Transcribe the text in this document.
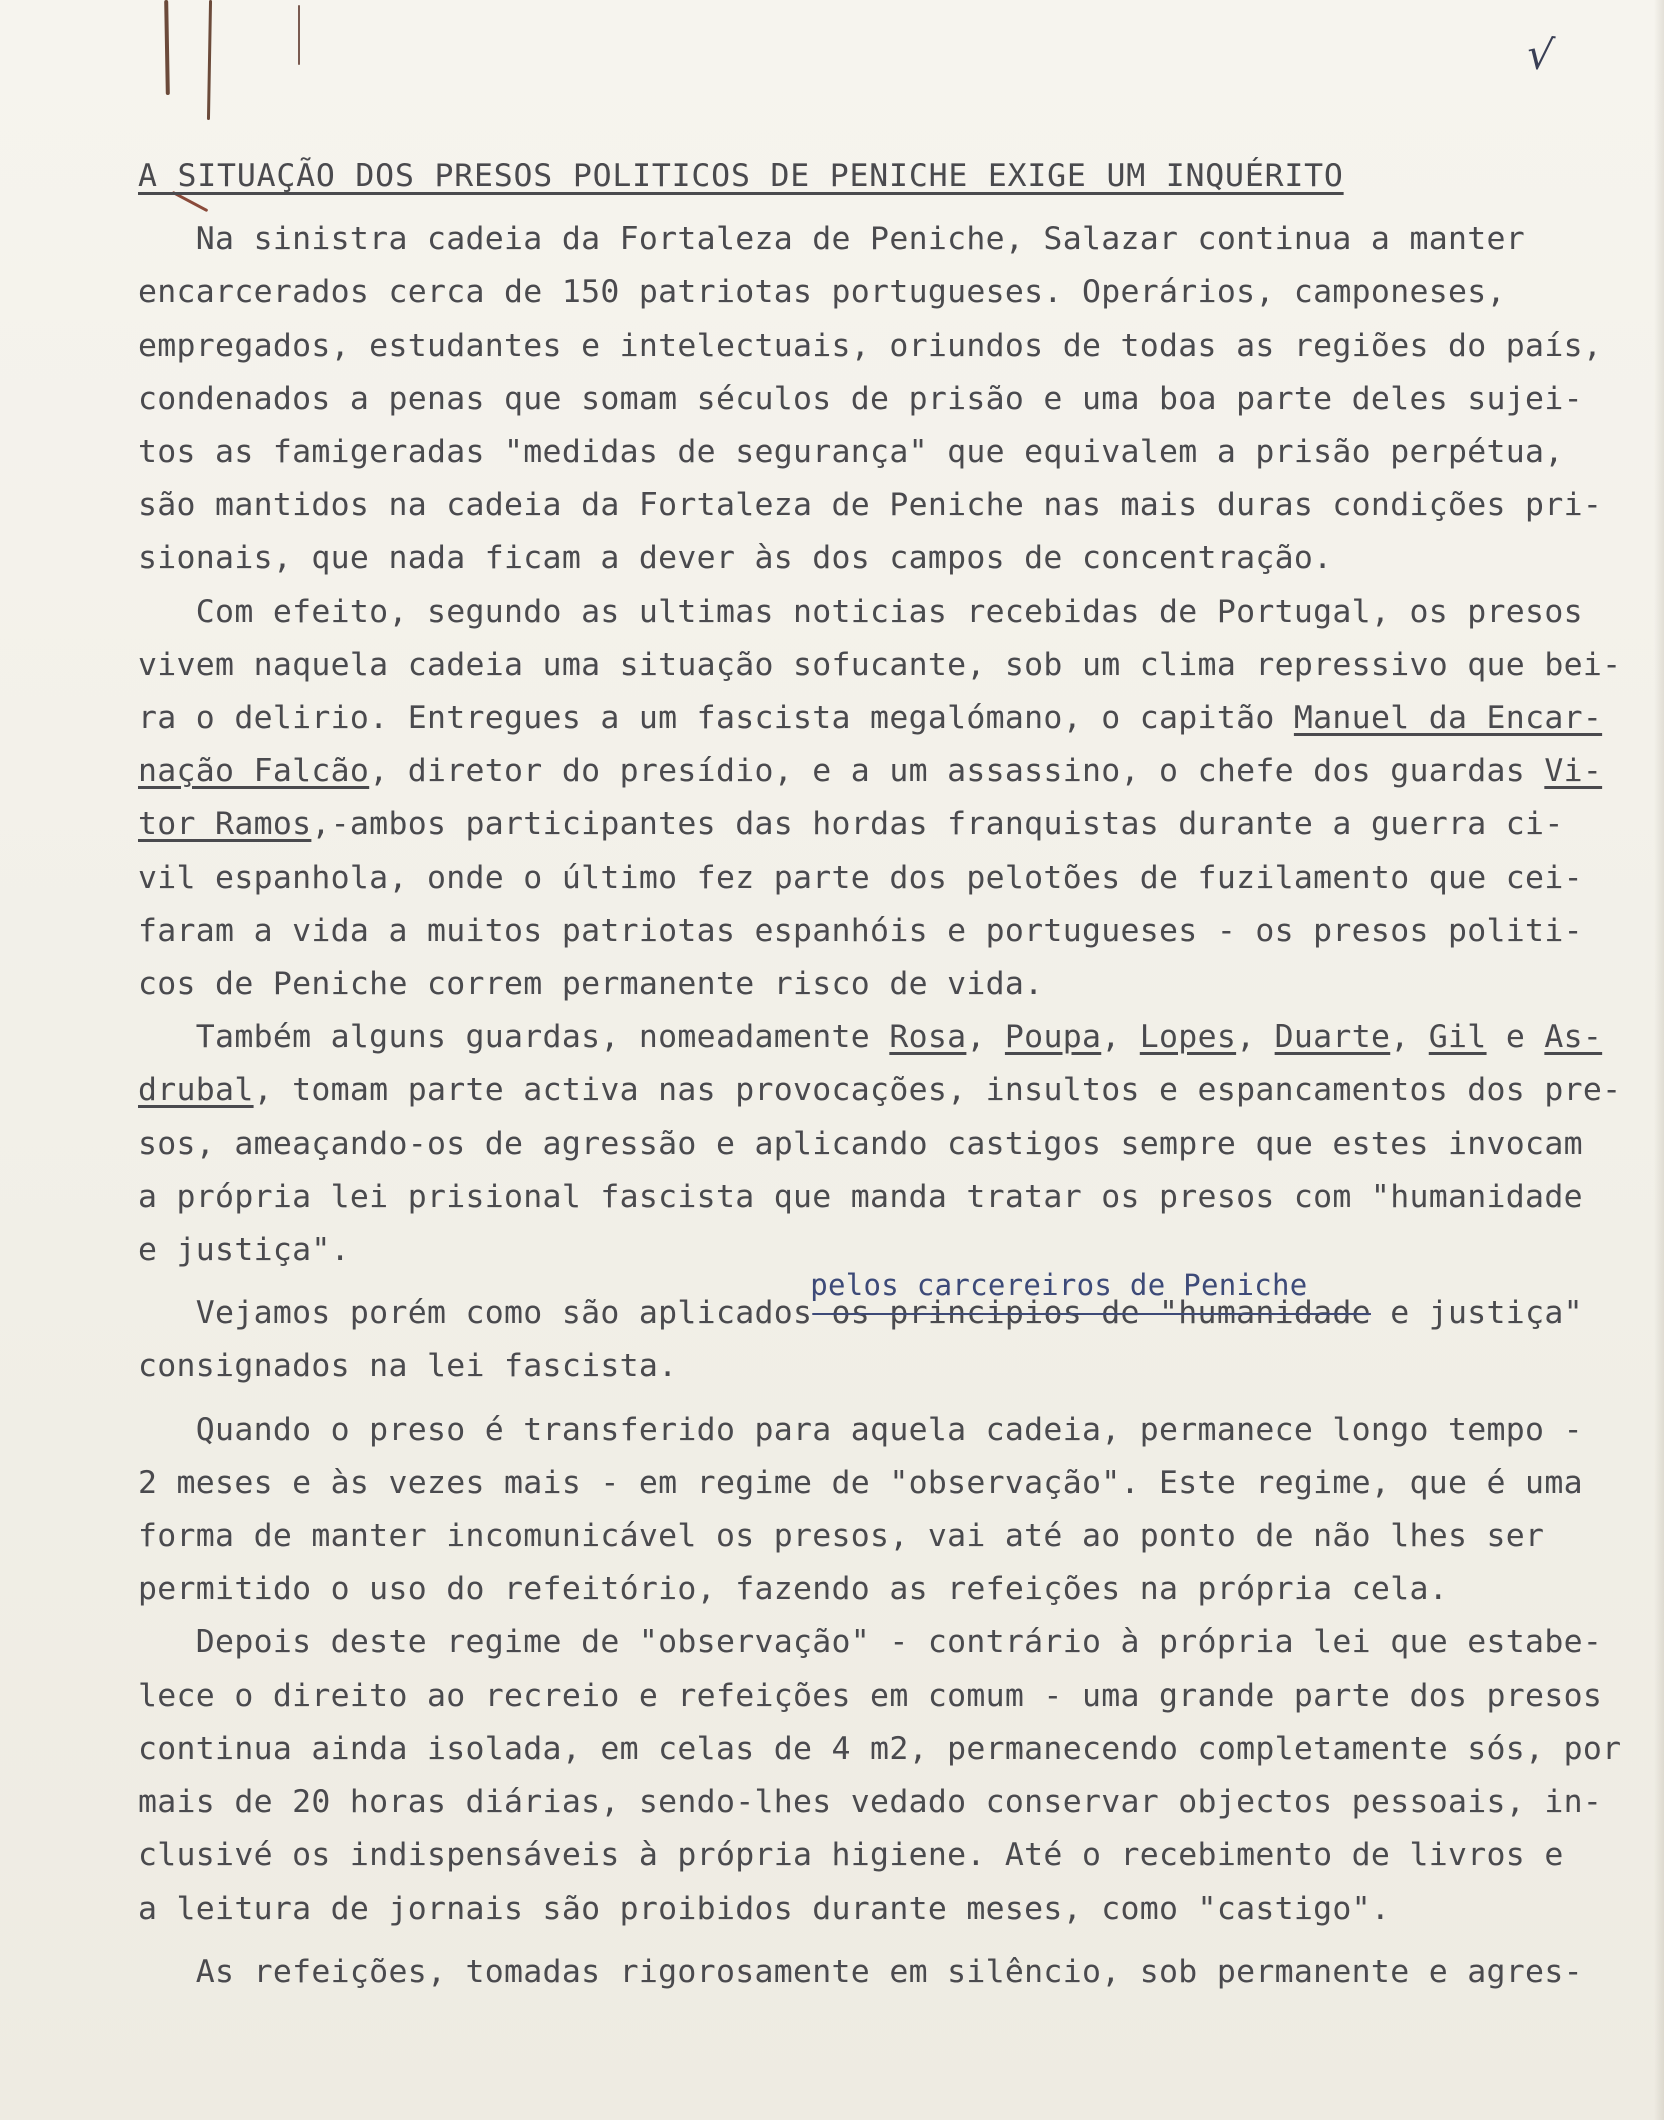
√
A SITUAÇÃO DOS PRESOS POLITICOS DE PENICHE EXIGE UM INQUÉRITO
Na sinistra cadeia da Fortaleza de Peniche, Salazar continua a manter
encarcerados cerca de 150 patriotas portugueses. Operários, camponeses,
empregados, estudantes e intelectuais, oriundos de todas as regiões do país,
condenados a penas que somam séculos de prisão e uma boa parte deles sujei-
tos as famigeradas "medidas de segurança" que equivalem a prisão perpétua,
são mantidos na cadeia da Fortaleza de Peniche nas mais duras condições pri-
sionais, que nada ficam a dever às dos campos de concentração.
Com efeito, segundo as ultimas noticias recebidas de Portugal, os presos
vivem naquela cadeia uma situação sofucante, sob um clima repressivo que bei-
ra o delirio. Entregues a um fascista megalómano, o capitão Manuel da Encar-
nação Falcão, diretor do presídio, e a um assassino, o chefe dos guardas Vi-
tor Ramos,-ambos participantes das hordas franquistas durante a guerra ci-
vil espanhola, onde o último fez parte dos pelotões de fuzilamento que cei-
faram a vida a muitos patriotas espanhóis e portugueses - os presos politi-
cos de Peniche correm permanente risco de vida.
Também alguns guardas, nomeadamente Rosa, Poupa, Lopes, Duarte, Gil e As-
drubal, tomam parte activa nas provocações, insultos e espancamentos dos pre-
sos, ameaçando-os de agressão e aplicando castigos sempre que estes invocam
a própria lei prisional fascista que manda tratar os presos com "humanidade
e justiça".
Vejamos porém como são aplicados
pelos carcereiros de Peniche
os principios de "humanidade e justiça"
consignados na lei fascista.
Quando o preso é transferido para aquela cadeia, permanece longo tempo -
2 meses e às vezes mais - em regime de "observação". Este regime, que é uma
forma de manter incomunicável os presos, vai até ao ponto de não lhes ser
permitido o uso do refeitório, fazendo as refeições na própria cela.
Depois deste regime de "observação" - contrário à própria lei que estabe-
lece o direito ao recreio e refeições em comum - uma grande parte dos presos
continua ainda isolada, em celas de 4 m2, permanecendo completamente sós, por
mais de 20 horas diárias, sendo-lhes vedado conservar objectos pessoais, in-
clusivé os indispensáveis à própria higiene. Até o recebimento de livros e
a leitura de jornais são proibidos durante meses, como "castigo".
As refeições, tomadas rigorosamente em silêncio, sob permanente e agres-
